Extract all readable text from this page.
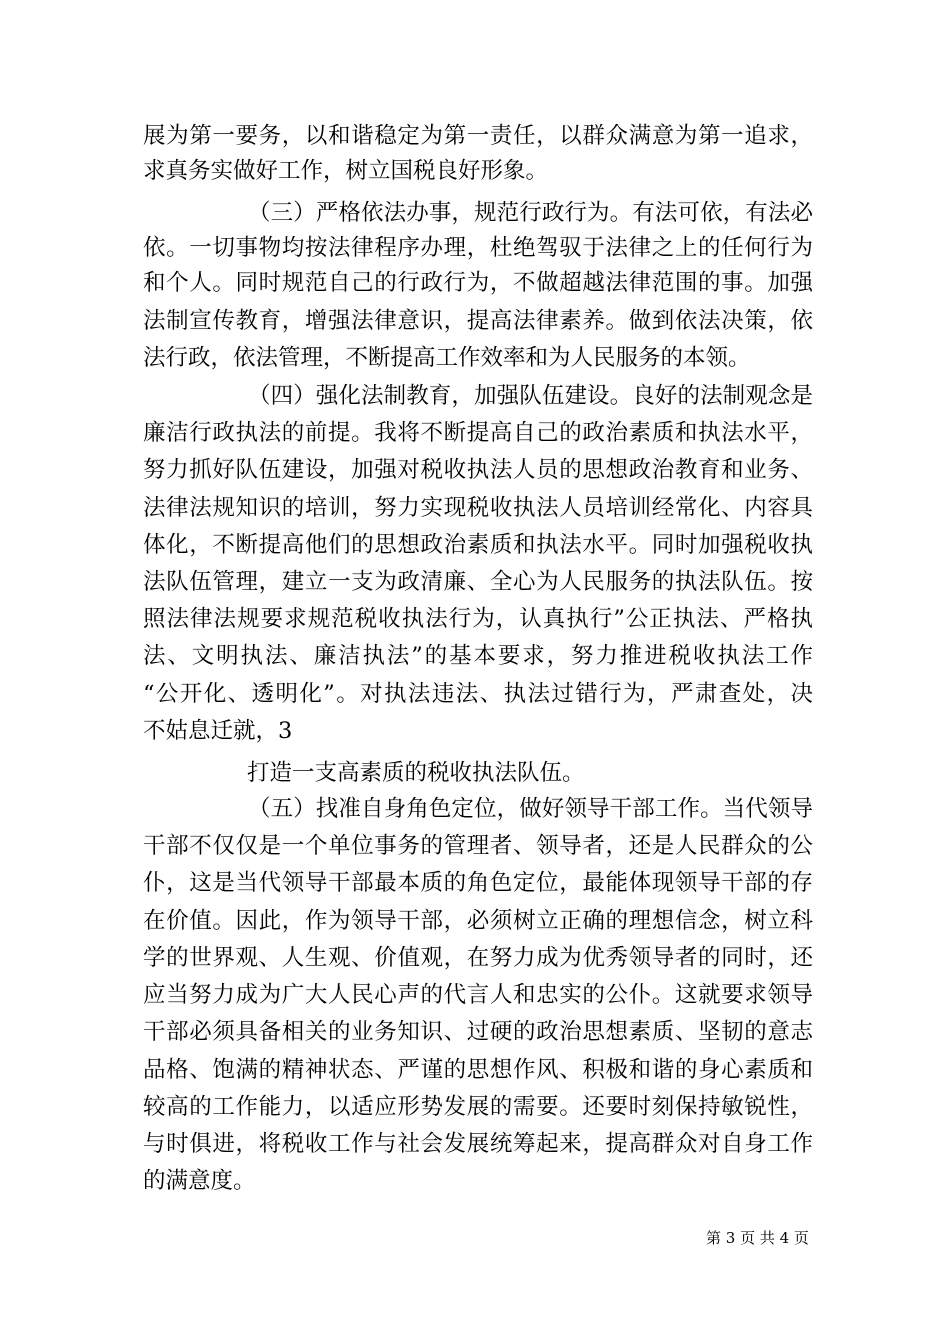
展为第一要务，以和谐稳定为第一责任，以群众满意为第一追求，
求真务实做好工作，树立国税良好形象。
（三）严格依法办事，规范行政行为。有法可依，有法必
依。一切事物均按法律程序办理，杜绝驾驭于法律之上的任何行为
和个人。同时规范自己的行政行为，不做超越法律范围的事。加强
法制宣传教育，增强法律意识，提高法律素养。做到依法决策，依
法行政，依法管理，不断提高工作效率和为人民服务的本领。
（四）强化法制教育，加强队伍建设。良好的法制观念是
廉洁行政执法的前提。我将不断提高自己的政治素质和执法水平，
努力抓好队伍建设，加强对税收执法人员的思想政治教育和业务、
法律法规知识的培训，努力实现税收执法人员培训经常化、内容具
体化，不断提高他们的思想政治素质和执法水平。同时加强税收执
法队伍管理，建立一支为政清廉、全心为人民服务的执法队伍。按
照法律法规要求规范税收执法行为，认真执行”公正执法、严格执
法、文明执法、廉洁执法”的基本要求，努力推进税收执法工作
“公开化、透明化”。对执法违法、执法过错行为，严肃查处，决
不姑息迁就，3
打造一支高素质的税收执法队伍。
（五）找准自身角色定位，做好领导干部工作。当代领导
干部不仅仅是一个单位事务的管理者、领导者，还是人民群众的公
仆，这是当代领导干部最本质的角色定位，最能体现领导干部的存
在价值。因此，作为领导干部，必须树立正确的理想信念，树立科
学的世界观、人生观、价值观，在努力成为优秀领导者的同时，还
应当努力成为广大人民心声的代言人和忠实的公仆。这就要求领导
干部必须具备相关的业务知识、过硬的政治思想素质、坚韧的意志
品格、饱满的精神状态、严谨的思想作风、积极和谐的身心素质和
较高的工作能力，以适应形势发展的需要。还要时刻保持敏锐性，
与时俱进，将税收工作与社会发展统筹起来，提高群众对自身工作
的满意度。
第 3 页 共 4 页
